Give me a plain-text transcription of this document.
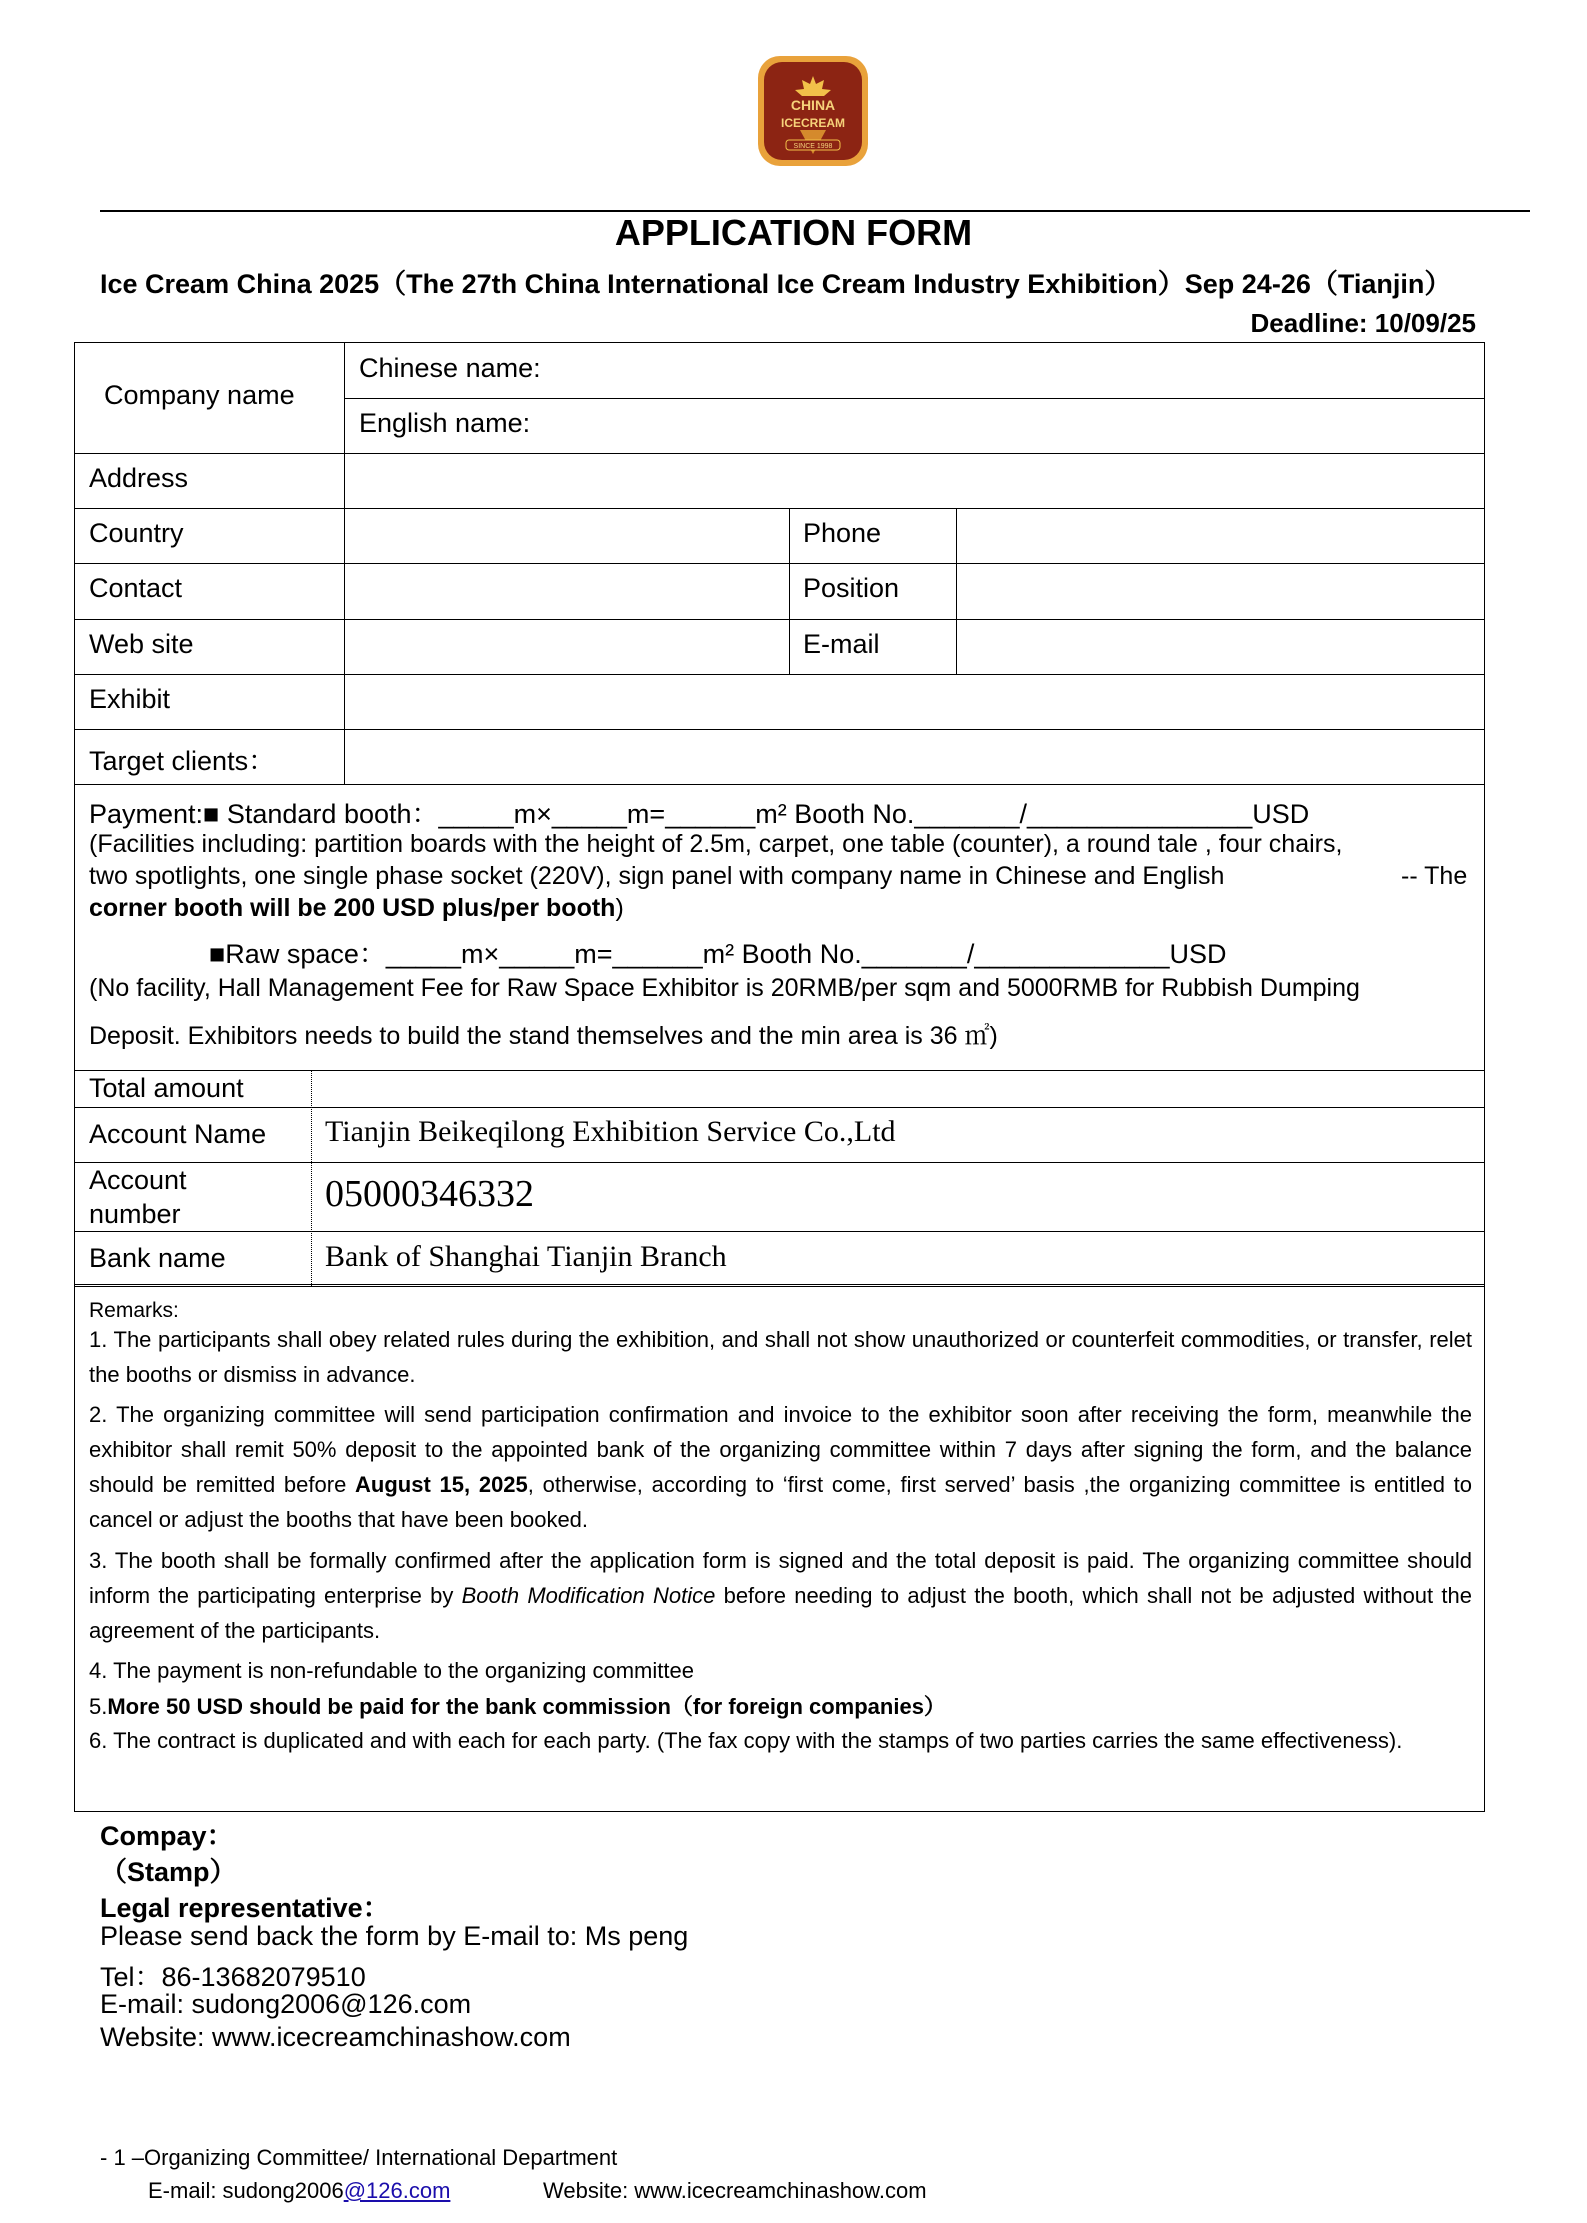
CHINA
ICECREAM
SINCE 1998
APPLICATION FORM
Ice Cream China 2025（The 27th China International Ice Cream Industry Exhibition）Sep 24-26（Tianjin）
Deadline: 10/09/25
Company name
Chinese name:
English name:
Address
Country	Phone
Contact	Position
Web site	E-mail
Exhibit
Target clients：
Payment:■ Standard booth：_____m×_____m=______m² Booth No._______/_______________USD
(Facilities including: partition boards with the height of 2.5m, carpet, one table (counter), a round tale , four chairs,
two spotlights, one single phase socket (220V), sign panel with company name in Chinese and English	-- The
corner booth will be 200 USD plus/per booth)
■Raw space：_____m×_____m=______m² Booth No._______/_____________USD
(No facility, Hall Management Fee for Raw Space Exhibitor is 20RMB/per sqm and 5000RMB for Rubbish Dumping
Deposit. Exhibitors needs to build the stand themselves and the min area is 36 ㎡)
Total amount
Account Name Tianjin Beikeqilong Exhibition Service Co.,Ltd
Account
number	05000346332
Bank name	Bank of Shanghai Tianjin Branch
Remarks:
1. The participants shall obey related rules during the exhibition, and shall not show unauthorized or counterfeit commodities, or transfer, relet the booths or dismiss in advance.
2. The organizing committee will send participation confirmation and invoice to the exhibitor soon after receiving the form, meanwhile the exhibitor shall remit 50% deposit to the appointed bank of the organizing committee within 7 days after signing the form, and the balance should be remitted before August 15, 2025, otherwise, according to ‘first come, first served’ basis ,the organizing committee is entitled to cancel or adjust the booths that have been booked.
3. The booth shall be formally confirmed after the application form is signed and the total deposit is paid. The organizing committee should inform the participating enterprise by Booth Modification Notice before needing to adjust the booth, which shall not be adjusted without the agreement of the participants.
4. The payment is non-refundable to the organizing committee
5.More 50 USD should be paid for the bank commission（for foreign companies）
6. The contract is duplicated and with each for each party. (The fax copy with the stamps of two parties carries the same effectiveness).
Compay：
（Stamp）
Legal representative：
Please send back the form by E-mail to: Ms peng
Tel：86-13682079510
E-mail: sudong2006@126.com
Website: www.icecreamchinashow.com
- 1 –Organizing Committee/ International Department
E-mail: sudong2006@126.com	Website: www.icecreamchinashow.com
